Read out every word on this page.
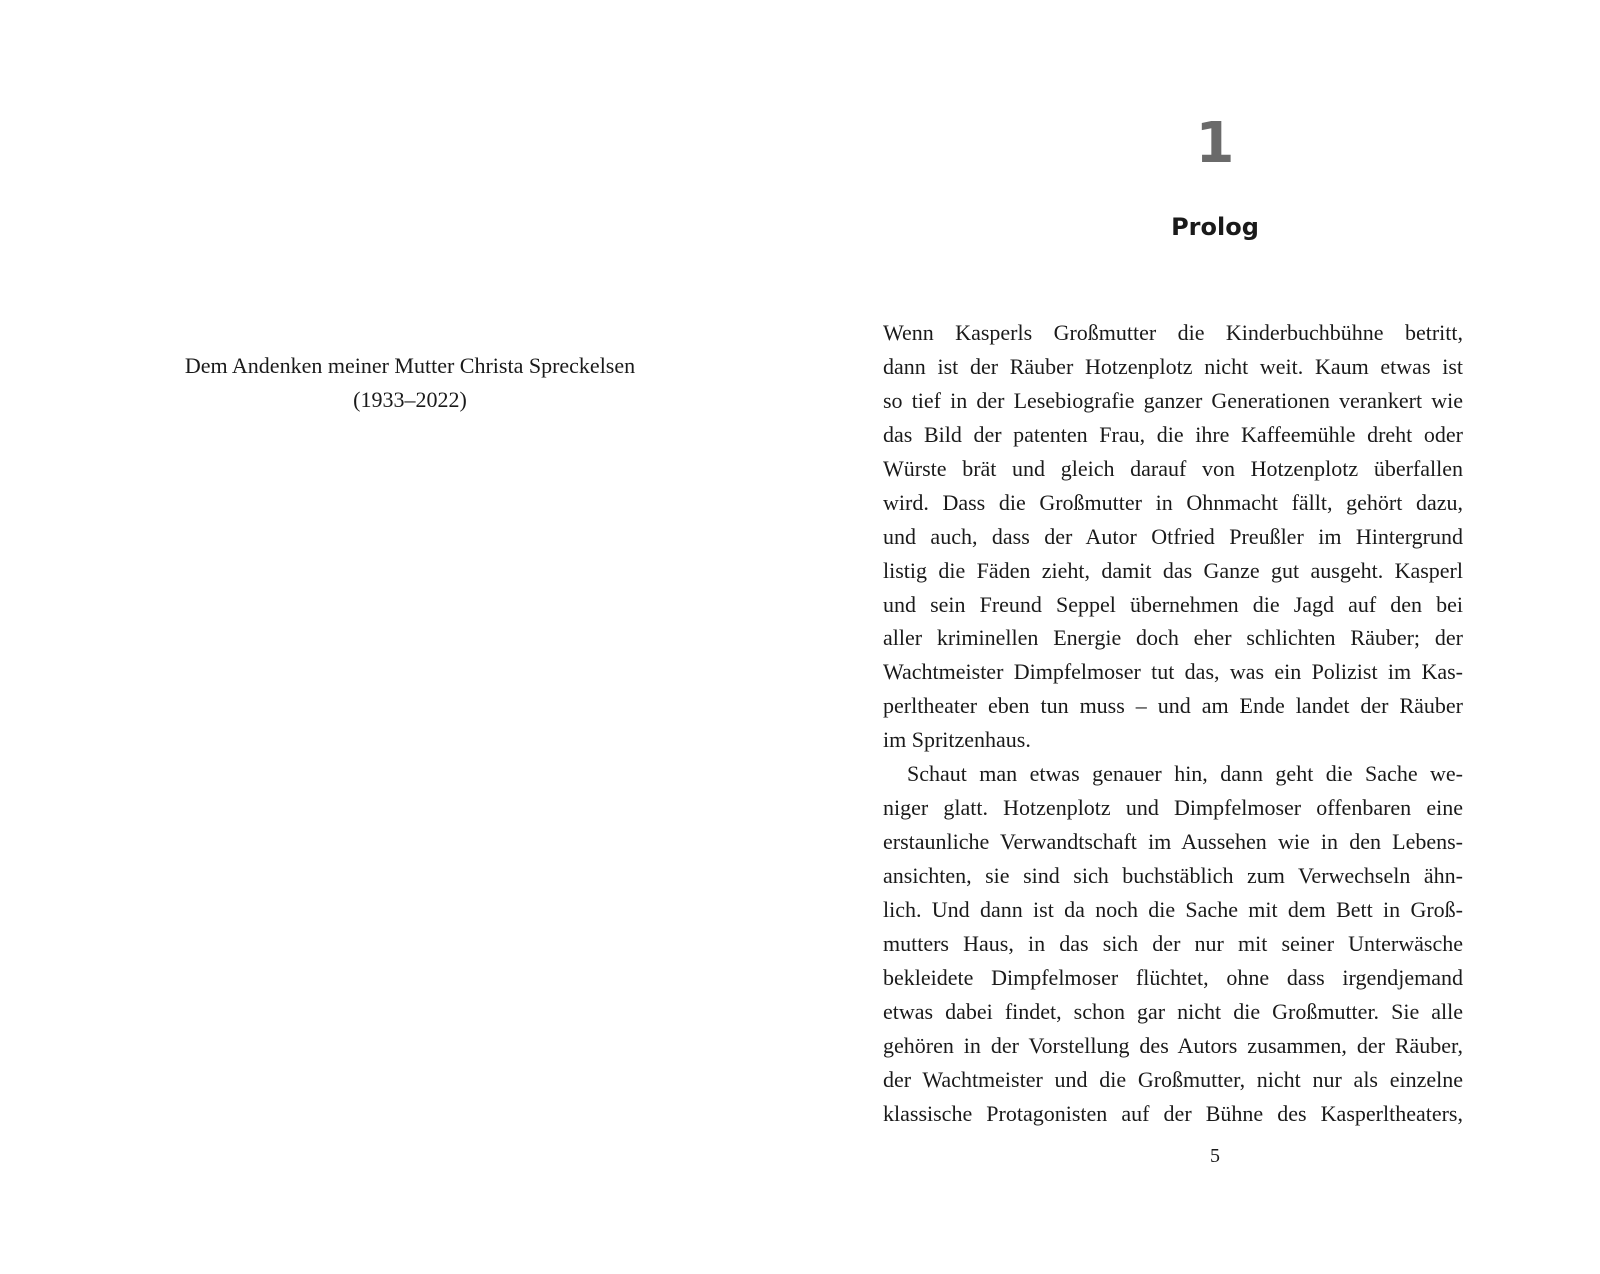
Dem Andenken meiner Mutter Christa Spreckelsen
(1933–2022)
1
Prolog
Wenn Kasperls Großmutter die Kinderbuchbühne betritt,
dann ist der Räuber Hotzenplotz nicht weit. Kaum etwas ist
so tief in der Lesebiografie ganzer Generationen verankert wie
das Bild der patenten Frau, die ihre Kaffeemühle dreht oder
Würste brät und gleich darauf von Hotzenplotz überfallen
wird. Dass die Großmutter in Ohnmacht fällt, gehört dazu,
und auch, dass der Autor Otfried Preußler im Hintergrund
listig die Fäden zieht, damit das Ganze gut ausgeht. Kasperl
und sein Freund Seppel übernehmen die Jagd auf den bei
aller kriminellen Energie doch eher schlichten Räuber; der
Wachtmeister Dimpfelmoser tut das, was ein Polizist im Kas-
perltheater eben tun muss – und am Ende landet der Räuber
im Spritzenhaus.
Schaut man etwas genauer hin, dann geht die Sache we-
niger glatt. Hotzenplotz und Dimpfelmoser offenbaren eine
erstaunliche Verwandtschaft im Aussehen wie in den Lebens-
ansichten, sie sind sich buchstäblich zum Verwechseln ähn-
lich. Und dann ist da noch die Sache mit dem Bett in Groß-
mutters Haus, in das sich der nur mit seiner Unterwäsche
bekleidete Dimpfelmoser flüchtet, ohne dass irgendjemand
etwas dabei findet, schon gar nicht die Großmutter. Sie alle
gehören in der Vorstellung des Autors zusammen, der Räuber,
der Wachtmeister und die Großmutter, nicht nur als einzelne
klassische Protagonisten auf der Bühne des Kasperltheaters,
5
